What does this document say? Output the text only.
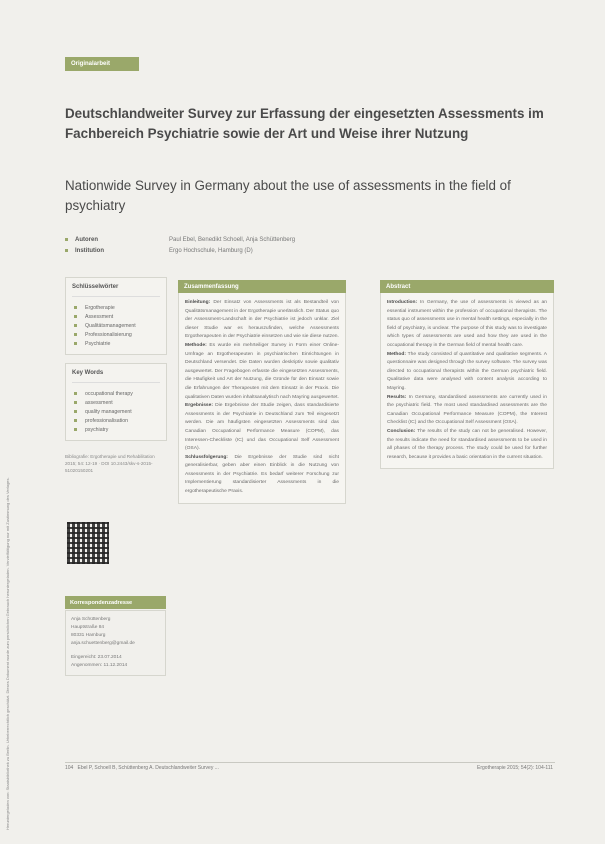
Heruntergeladen von: Staatsbibliothek zu Berlin. Urheberrechtlich geschützt. Dieses Dokument wurde zum persönlichen Gebrauch heruntergeladen. Vervielfältigung nur mit Zustimmung des Verlages.
Originalarbeit
Deutschlandweiter Survey zur Erfassung der eingesetzten Assessments im Fachbereich Psychiatrie sowie der Art und Weise ihrer Nutzung
Nationwide Survey in Germany about the use of assessments in the field of psychiatry
Autoren	Paul Ebel, Benedikt Schoell, Anja Schüttenberg
Institution	Ergo Hochschule, Hamburg (D)
Schlüsselwörter
Ergotherapie
Assessment
Qualitätsmanagement
Professionalisierung
Psychiatrie
Key Words
occupational therapy
assessment
quality management
professionalisation
psychiatry
Bibliografie: Ergotherapie und Rehabilitation 2015; 54: 12-19 · DOI 10.2443/skv-s-2015-51020150201
Korrespondenzadresse
Anja Schüttenberg
Hauptstraße 84
80331 Hamburg
anja.schuettenberg@gmail.de
Eingereicht: 23.07.2014
Angenommen: 11.12.2014
Zusammenfassung

Einleitung: Der Einsatz von Assessments ist als Bestandteil von Qualitätsmanagement in der Ergotherapie unerlässlich. Der Status quo der Assessment-Landschaft in der Psychiatrie ist jedoch unklar. Ziel dieser Studie war es herauszufinden, welche Assessments Ergotherapeuten in der Psychiatrie einsetzen und wie sie diese nutzen.

Methode: Es wurde ein mehrteiliger Survey in Form einer Online-Umfrage an Ergotherapeuten in psychiatrischen Einrichtungen in Deutschland versendet. Die Daten wurden deskriptiv sowie qualitativ ausgewertet. Der Fragebogen erfasste die eingesetzten Assessments, die Häufigkeit und Art der Nutzung, die Gründe für den Einsatz sowie die Erfahrungen der Therapeuten mit dem Einsatz in der Praxis. Die qualitativen Daten wurden inhaltsanalytisch nach Mayring ausgewertet.

Ergebnisse: Die Ergebnisse der Studie zeigen, dass standardisierte Assessments in der Psychiatrie in Deutschland zum Teil eingesetzt werden. Die am häufigsten eingesetzten Assessments sind das Canadian Occupational Performance Measure (COPM), das Interessen-Checkliste (IC) und das Occupational Self Assessment (OSA).

Schlussfolgerung: Die Ergebnisse der Studie sind nicht generalisierbar, geben aber einen Einblick in die Nutzung von Assessments in der Psychiatrie. Es bedarf weiterer Forschung zur Implementierung standardisierter Assessments in die ergotherapeutische Praxis.

Abstract

Introduction: In Germany, the use of assessments is viewed as an essential instrument within the profession of occupational therapists. The status quo of assessments use in mental health settings, especially in the field of psychiatry, is unclear. The purpose of this study was to investigate which types of assessments are used and how they are used in the occupational therapy in the German field of mental health care.

Method: The study consisted of quantitative and qualitative segments. A questionnaire was designed through the survey software. The survey was directed to occupational therapists within the German psychiatric field. Qualitative data were analysed with content analysis according to Mayring.

Results: In Germany, standardised assessments are currently used in the psychiatric field. The most used standardised assessments are the Canadian Occupational Performance Measure (COPM), the Interest Checklist (IC) and the Occupational Self Assessment (OSA).

Conclusion: The results of the study can not be generalised. However, the results indicate the need for standardised assessments to be used in all phases of the therapy process. The study could be used for further research, because it provides a basic orientation in the current situation.

104 Ebel P, Schoell B, Schüttenberg A. Deutschlandweiter Survey ...	Ergotherapie 2015; 54(2): 104-111
